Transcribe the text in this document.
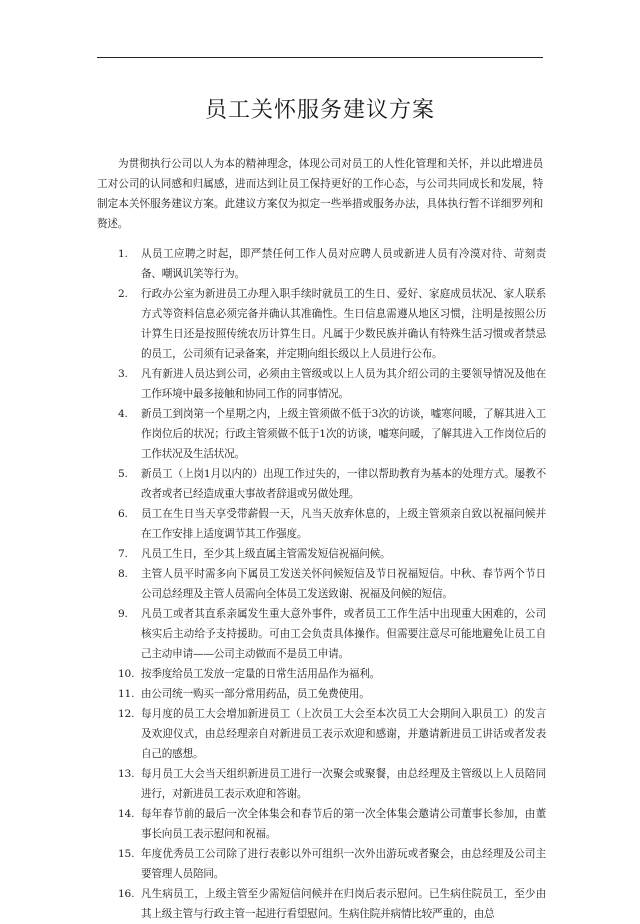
员工关怀服务建议方案

为贯彻执行公司以人为本的精神理念，体现公司对员工的人性化管理和关怀，并以此增进员工对公司的认同感和归属感，进而达到让员工保持更好的工作心态，与公司共同成长和发展，特制定本关怀服务建议方案。此建议方案仅为拟定一些举措或服务办法，具体执行暂不详细罗列和赘述。

1.	从员工应聘之时起，即严禁任何工作人员对应聘人员或新进人员有冷漠对待、苛刻责备、嘲讽讥笑等行为。
2.	行政办公室为新进员工办理入职手续时就员工的生日、爱好、家庭成员状况、家人联系方式等资料信息必须完备并确认其准确性。生日信息需遵从地区习惯，注明是按照公历计算生日还是按照传统农历计算生日。凡属于少数民族并确认有特殊生活习惯或者禁忌的员工，公司须有记录备案，并定期向组长级以上人员进行公布。
3.	凡有新进人员达到公司，必须由主管级或以上人员为其介绍公司的主要领导情况及他在工作环境中最多接触和协同工作的同事情况。
4.	新员工到岗第一个星期之内，上级主管须做不低于3次的访谈，嘘寒问暖，了解其进入工作岗位后的状况；行政主管须做不低于1次的访谈，嘘寒问暖，了解其进入工作岗位后的工作状况及生活状况。
5.	新员工（上岗1月以内的）出现工作过失的，一律以帮助教育为基本的处理方式。屡教不改者或者已经造成重大事故者辞退或另做处理。
6.	员工在生日当天享受带薪假一天，凡当天放弃休息的，上级主管须亲自致以祝福问候并在工作安排上适度调节其工作强度。
7.	凡员工生日，至少其上级直属主管需发短信祝福问候。
8.	主管人员平时需多向下属员工发送关怀问候短信及节日祝福短信。中秋、春节两个节日公司总经理及主管人员需向全体员工发送致谢、祝福及问候的短信。
9.	凡员工或者其直系亲属发生重大意外事件，或者员工工作生活中出现重大困难的，公司核实后主动给予支持援助。可由工会负责具体操作。但需要注意尽可能地避免让员工自己主动申请——公司主动做而不是员工申请。
10. 按季度给员工发放一定量的日常生活用品作为福利。
11. 由公司统一购买一部分常用药品，员工免费使用。
12. 每月度的员工大会增加新进员工（上次员工大会至本次员工大会期间入职员工）的发言及欢迎仪式，由总经理亲自对新进员工表示欢迎和感谢，并邀请新进员工讲话或者发表自己的感想。
13. 每月员工大会当天组织新进员工进行一次聚会或聚餐，由总经理及主管级以上人员陪同进行，对新进员工表示欢迎和答谢。
14. 每年春节前的最后一次全体集会和春节后的第一次全体集会邀请公司董事长参加，由董事长向员工表示慰问和祝福。
15. 年度优秀员工公司除了进行表彰以外可组织一次外出游玩或者聚会，由总经理及公司主要管理人员陪同。
16. 凡生病员工，上级主管至少需短信问候并在归岗后表示慰问。已生病住院员工，至少由其上级主管与行政主管一起进行看望慰问。生病住院并病情比较严重的，由总
